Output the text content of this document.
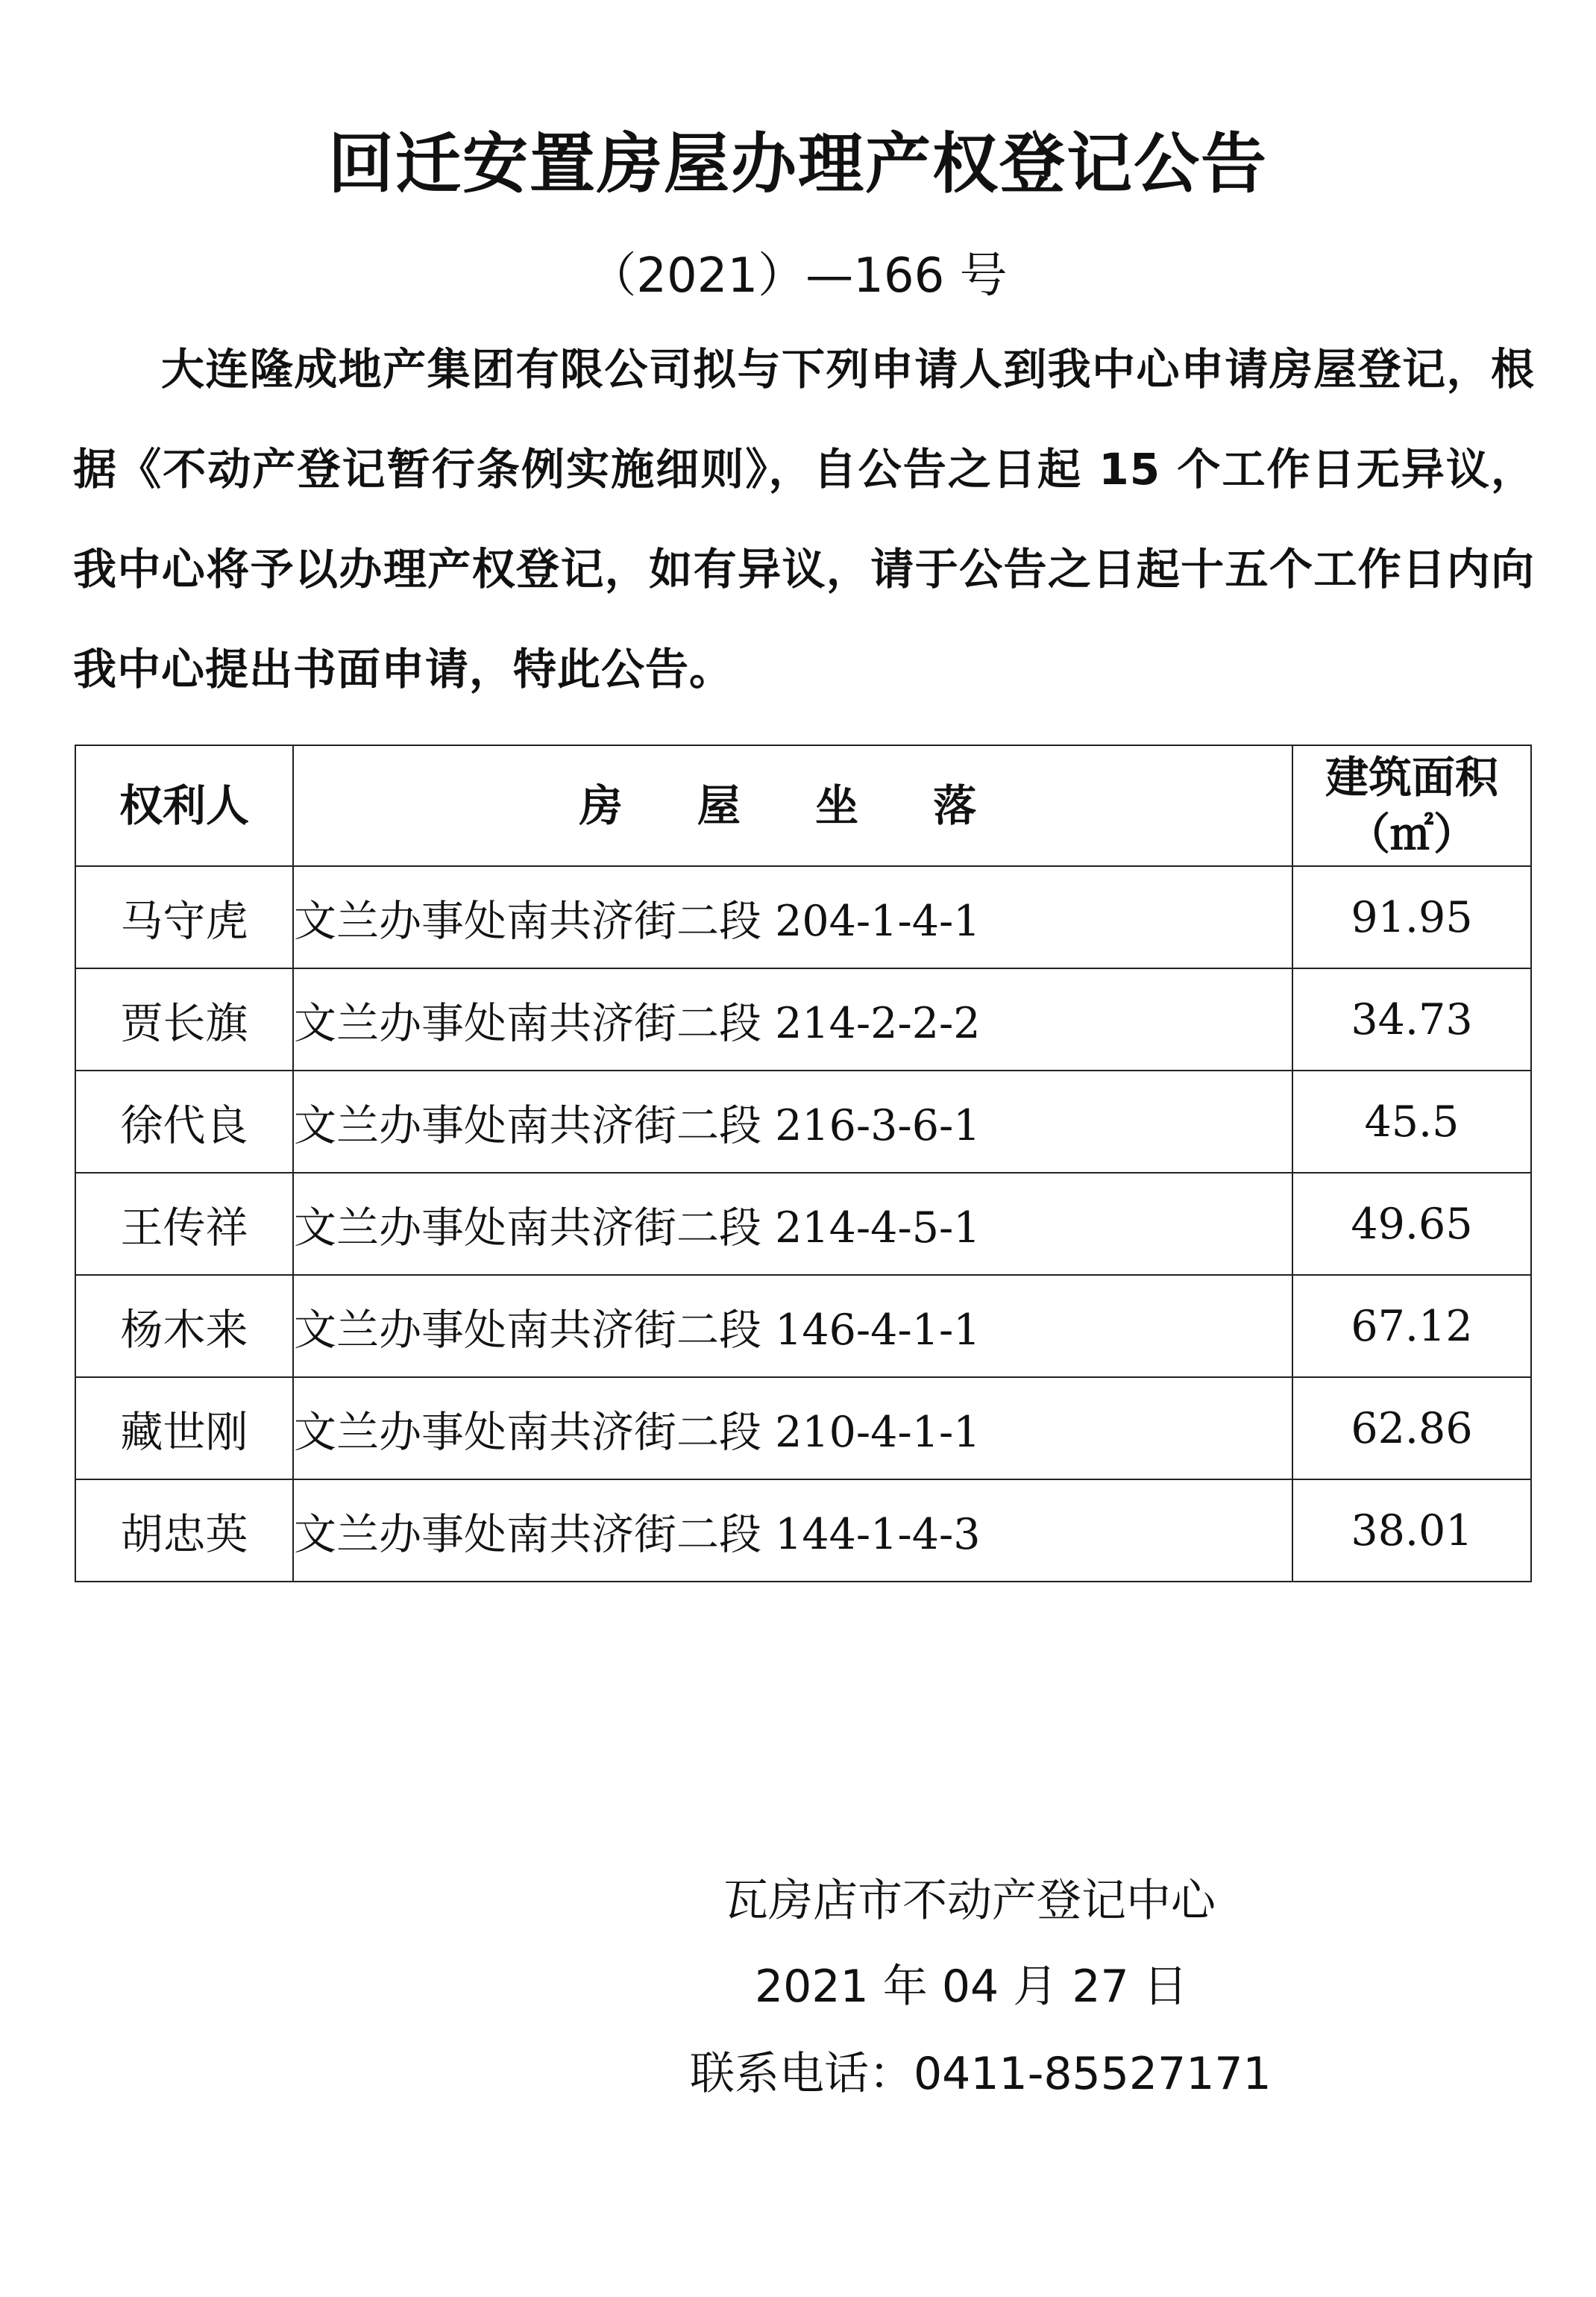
回迁安置房屋办理产权登记公告
（2021）—166 号
大连隆成地产集团有限公司拟与下列申请人到我中心申请房屋登记，根据《不动产登记暂行条例实施细则》，自公告之日起 15 个工作日无异议，我中心将予以办理产权登记，如有异议，请于公告之日起十五个工作日内向我中心提出书面申请，特此公告。
权利人	房 屋 坐 落	建筑面积
（㎡）

马守虎	文兰办事处南共济街二段 204-1-4-1	91.95
贾长旗	文兰办事处南共济街二段 214-2-2-2	34.73
徐代良	文兰办事处南共济街二段 216-3-6-1	45.5
王传祥	文兰办事处南共济街二段 214-4-5-1	49.65
杨木来	文兰办事处南共济街二段 146-4-1-1	67.12
藏世刚	文兰办事处南共济街二段 210-4-1-1	62.86
胡忠英	文兰办事处南共济街二段 144-1-4-3	38.01
瓦房店市不动产登记中心
2021 年 04 月 27 日
联系电话：0411-85527171
